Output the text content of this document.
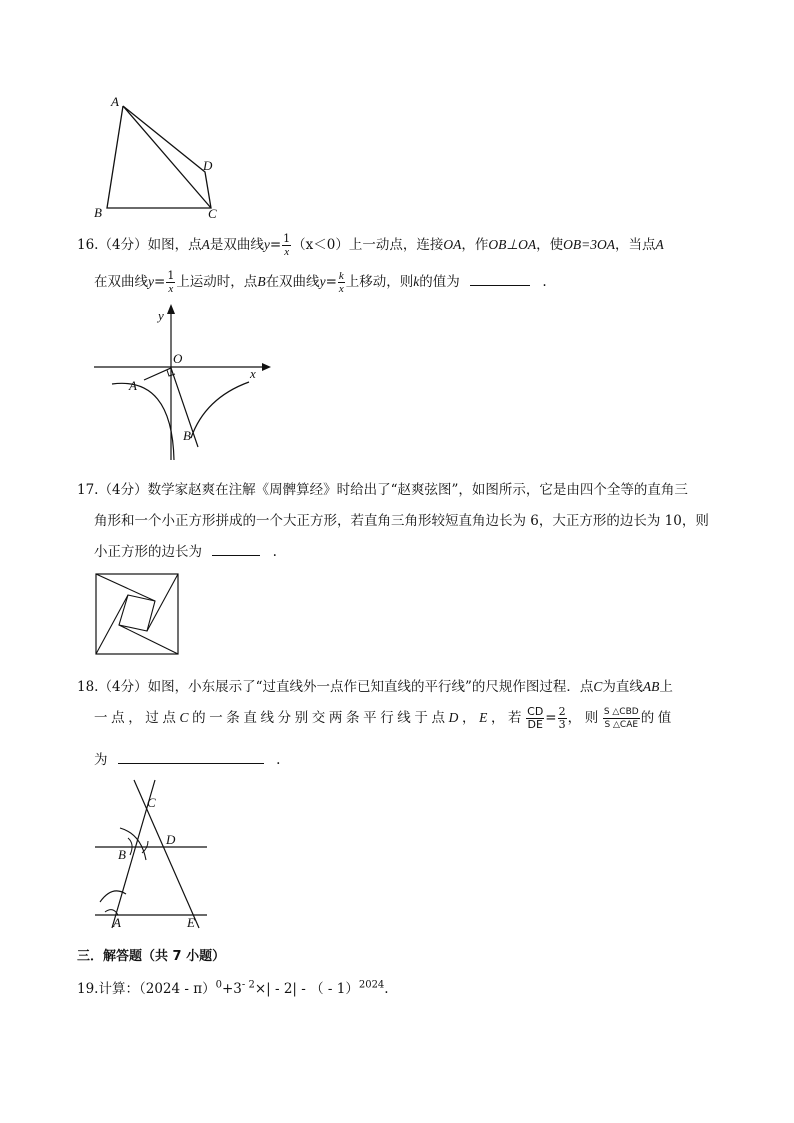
A
B	C
D
16.（4分）如图，点A是双曲线$y= \frac{1}{x} (x<0)$上一动点，连接OA，作OB⊥OA，使OB=3OA，当点A
在双曲线$y= \frac{1}{x}$ 上运动时，点B在双曲线$y= \frac{k}{x}$ 上移动，则k的值为	.
y
x
O
A
B
17.（4分）数学家赵爽在注解《周髀算经》时给出了“赵爽弦图”，如图所示，它是由四个全等的直角三
角形和一个小正方形拼成的一个大正方形，若直角三角形较短直角边长为 6，大正方形的边长为 10，则
小正方形的边长为	.
18.（4分）如图，小东展示了“过直线外一点作已知直线的平行线”的尺规作图过程．点C为直线AB上
一点，过点C的一条直线分别交两条平行线于点D，E，若 $\frac{CD}{DE} = \frac{2}{3}$ ，则 $\frac{\text{S △CBD}}{\text{S △CAE}}$ 的值
为	.
C
D
B
A	E
三．解答题（共 7 小题）
19.计算：$(2024 - \pi)^0+3^{- 2}\times| - 2|$ - （ - 1）$^{2024}$.
